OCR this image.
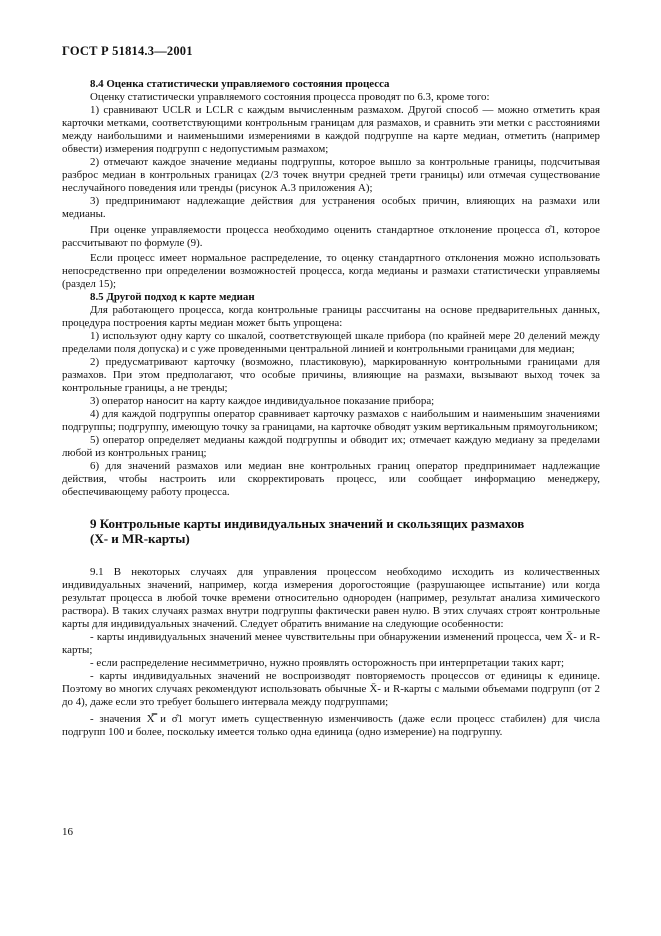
ГОСТ Р 51814.3—2001

8.4 Оценка статистически управляемого состояния процесса

Оценку статистически управляемого состояния процесса проводят по 6.3, кроме того:

1) сравнивают UCLR и LCLR с каждым вычисленным размахом. Другой способ — можно отметить края карточки метками, соответствующими контрольным границам для размахов, и сравнить эти метки с расстояниями между наибольшими и наименьшими измерениями в каждой подгруппе на карте медиан, отметить (например обвести) измерения подгрупп с недопустимым размахом;

2) отмечают каждое значение медианы подгруппы, которое вышло за контрольные границы, подсчитывая разброс медиан в контрольных границах (2/3 точек внутри средней трети границы) или отмечая существование неслучайного поведения или тренды (рисунок А.3 приложения А);

3) предпринимают надлежащие действия для устранения особых причин, влияющих на размахи или медианы.

При оценке управляемости процесса необходимо оценить стандартное отклонение процесса σ̂1, которое рассчитывают по формуле (9).

Если процесс имеет нормальное распределение, то оценку стандартного отклонения можно использовать непосредственно при определении возможностей процесса, когда медианы и размахи статистически управляемы (раздел 15);

8.5 Другой подход к карте медиан

Для работающего процесса, когда контрольные границы рассчитаны на основе предварительных данных, процедура построения карты медиан может быть упрощена:

1) используют одну карту со шкалой, соответствующей шкале прибора (по крайней мере 20 делений между пределами поля допуска) и с уже проведенными центральной линией и контрольными границами для медиан;

2) предусматривают карточку (возможно, пластиковую), маркированную контрольными границами для размахов. При этом предполагают, что особые причины, влияющие на размахи, вызывают выход точек за контрольные границы, а не тренды;

3) оператор наносит на карту каждое индивидуальное показание прибора;

4) для каждой подгруппы оператор сравнивает карточку размахов с наибольшим и наименьшим значениями подгруппы; подгруппу, имеющую точку за границами, на карточке обводят узким вертикальным прямоугольником;

5) оператор определяет медианы каждой подгруппы и обводит их; отмечает каждую медиану за пределами любой из контрольных границ;

6) для значений размахов или медиан вне контрольных границ оператор предпринимает надлежащие действия, чтобы настроить или скорректировать процесс, или сообщает информацию менеджеру, обеспечивающему работу процесса.

9 Контрольные карты индивидуальных значений и скользящих размахов
(X- и MR-карты)

9.1 В некоторых случаях для управления процессом необходимо исходить из количественных индивидуальных значений, например, когда измерения дорогостоящие (разрушающее испытание) или когда результат процесса в любой точке времени относительно однороден (например, результат анализа химического раствора). В таких случаях размах внутри подгруппы фактически равен нулю. В этих случаях строят контрольные карты для индивидуальных значений. Следует обратить внимание на следующие особенности:

- карты индивидуальных значений менее чувствительны при обнаружении изменений процесса, чем X̄- и R-карты;

- если распределение несимметрично, нужно проявлять осторожность при интерпретации таких карт;

- карты индивидуальных значений не воспроизводят повторяемость процессов от единицы к единице. Поэтому во многих случаях рекомендуют использовать обычные X̄- и R-карты с малыми объемами подгрупп (от 2 до 4), даже если это требует большего интервала между подгруппами;

- значения X̿ и σ̂1 могут иметь существенную изменчивость (даже если процесс стабилен) для числа подгрупп 100 и более, поскольку имеется только одна единица (одно измерение) на подгруппу.

16
